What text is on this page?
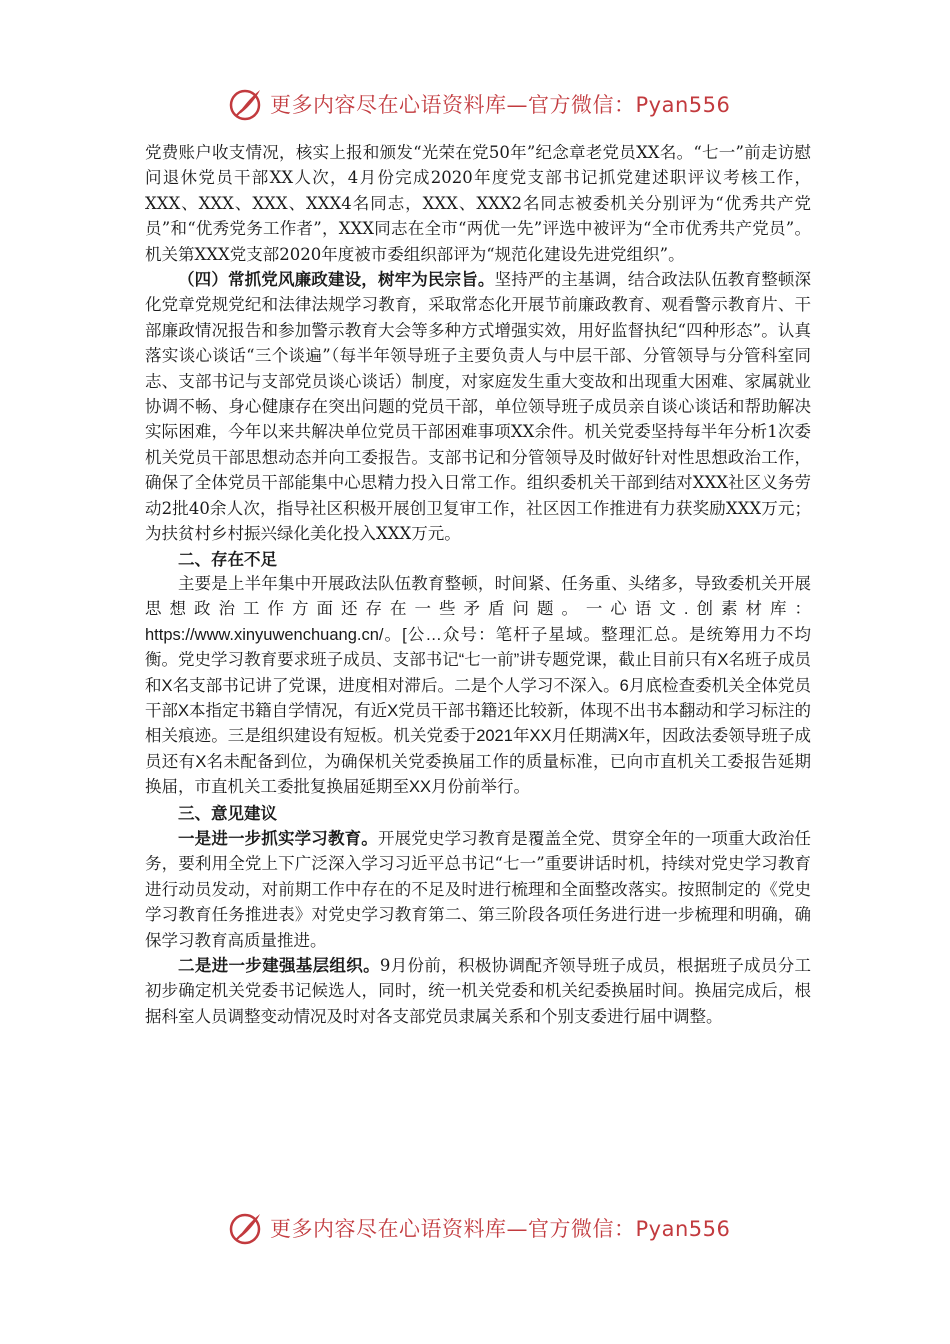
更多内容尽在心语资料库—官方微信：Pyan556

党费账户收支情况，核实上报和颁发“光荣在党50年”纪念章老党员XX名。“七一”前走访慰问退休党员干部XX人次，4月份完成2020年度党支部书记抓党建述职评议考核工作，XXX、XXX、XXX、XXX4名同志，XXX、XXX2名同志被委机关分别评为“优秀共产党员”和“优秀党务工作者”，XXX同志在全市“两优一先”评选中被评为“全市优秀共产党员”。机关第XXX党支部2020年度被市委组织部评为“规范化建设先进党组织”。

（四）常抓党风廉政建设，树牢为民宗旨。坚持严的主基调，结合政法队伍教育整顿深化党章党规党纪和法律法规学习教育，采取常态化开展节前廉政教育、观看警示教育片、干部廉政情况报告和参加警示教育大会等多种方式增强实效，用好监督执纪“四种形态”。认真落实谈心谈话“三个谈遍”（每半年领导班子主要负责人与中层干部、分管领导与分管科室同志、支部书记与支部党员谈心谈话）制度，对家庭发生重大变故和出现重大困难、家属就业协调不畅、身心健康存在突出问题的党员干部，单位领导班子成员亲自谈心谈话和帮助解决实际困难，今年以来共解决单位党员干部困难事项XX余件。机关党委坚持每半年分析1次委机关党员干部思想动态并向工委报告。支部书记和分管领导及时做好针对性思想政治工作，确保了全体党员干部能集中心思精力投入日常工作。组织委机关干部到结对XXX社区义务劳动2批40余人次，指导社区积极开展创卫复审工作，社区因工作推进有力获奖励XXX万元；为扶贫村乡村振兴绿化美化投入XXX万元。

二、存在不足

主要是上半年集中开展政法队伍教育整顿，时间紧、任务重、头绪多，导致委机关开展思想政治工作方面还存在一些矛盾问题。一心语文.创素材库：https://www.xinyuwenchuang.cn/。[公…众号：笔杆子星域。整理汇总。是统筹用力不均衡。党史学习教育要求班子成员、支部书记“七一前”讲专题党课，截止目前只有X名班子成员和X名支部书记讲了党课，进度相对滞后。二是个人学习不深入。6月底检查委机关全体党员干部X本指定书籍自学情况，有近X党员干部书籍还比较新，体现不出书本翻动和学习标注的相关痕迹。三是组织建设有短板。机关党委于2021年XX月任期满X年，因政法委领导班子成员还有X名未配备到位，为确保机关党委换届工作的质量标准，已向市直机关工委报告延期换届，市直机关工委批复换届延期至XX月份前举行。

三、意见建议

一是进一步抓实学习教育。开展党史学习教育是覆盖全党、贯穿全年的一项重大政治任务，要利用全党上下广泛深入学习习近平总书记“七一”重要讲话时机，持续对党史学习教育进行动员发动，对前期工作中存在的不足及时进行梳理和全面整改落实。按照制定的《党史学习教育任务推进表》对党史学习教育第二、第三阶段各项任务进行进一步梳理和明确，确保学习教育高质量推进。

二是进一步建强基层组织。9月份前，积极协调配齐领导班子成员，根据班子成员分工初步确定机关党委书记候选人，同时，统一机关党委和机关纪委换届时间。换届完成后，根据科室人员调整变动情况及时对各支部党员隶属关系和个别支委进行届中调整。

更多内容尽在心语资料库—官方微信：Pyan556
